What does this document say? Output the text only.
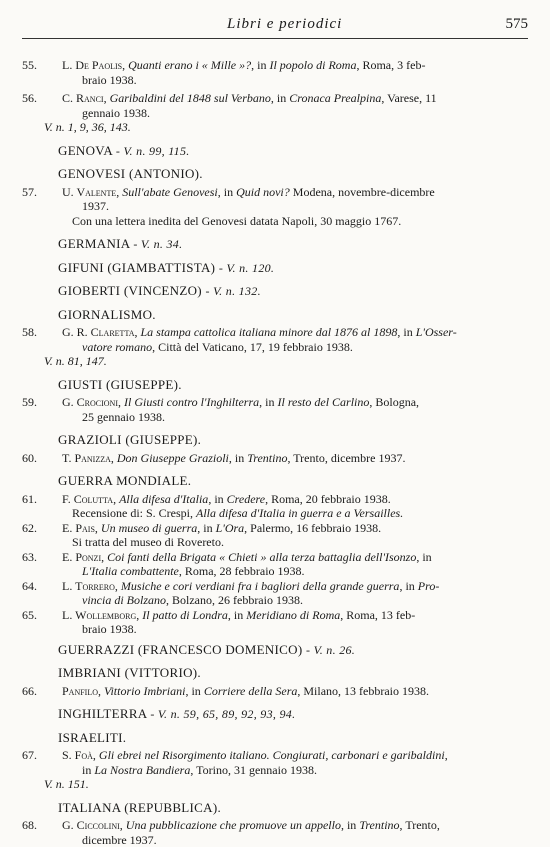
Libri e periodici	575
55.	L. De Paolis, Quanti erano i « Mille »?, in Il popolo di Roma, Roma, 3 feb-
braio 1938.
56.	C. Ranci, Garibaldini del 1848 sul Verbano, in Cronaca Prealpina, Varese, 11
gennaio 1938.
V. n. 1, 9, 36, 143.
GENOVA - V. n. 99, 115.
GENOVESI (ANTONIO).
57.	U. Valente, Sull'abate Genovesi, in Quid novi? Modena, novembre-dicembre
1937.
Con una lettera inedita del Genovesi datata Napoli, 30 maggio 1767.
GERMANIA - V. n. 34.
GIFUNI (GIAMBATTISTA) - V. n. 120.
GIOBERTI (VINCENZO) - V. n. 132.
GIORNALISMO.
58.	G. R. Claretta, La stampa cattolica italiana minore dal 1876 al 1898, in L'Osser-
vatore romano, Città del Vaticano, 17, 19 febbraio 1938.
V. n. 81, 147.
GIUSTI (GIUSEPPE).
59.	G. Crocioni, Il Giusti contro l'Inghilterra, in Il resto del Carlino, Bologna,
25 gennaio 1938.
GRAZIOLI (GIUSEPPE).
60.	T. Panizza, Don Giuseppe Grazioli, in Trentino, Trento, dicembre 1937.
GUERRA MONDIALE.
61.	F. Colutta, Alla difesa d'Italia, in Credere, Roma, 20 febbraio 1938.
Recensione di: S. Crespi, Alla difesa d'Italia in guerra e a Versailles.
62.	E. Pais, Un museo di guerra, in L'Ora, Palermo, 16 febbraio 1938.
Si tratta del museo di Rovereto.
63.	E. Ponzi, Coi fanti della Brigata « Chieti » alla terza battaglia dell'Isonzo, in
L'Italia combattente, Roma, 28 febbraio 1938.
64.	L. Torrero, Musiche e cori verdiani fra i bagliori della grande guerra, in Pro-
vincia di Bolzano, Bolzano, 26 febbraio 1938.
65.	L. Wollemborg, Il patto di Londra, in Meridiano di Roma, Roma, 13 feb-
braio 1938.
GUERRAZZI (FRANCESCO DOMENICO) - V. n. 26.
IMBRIANI (VITTORIO).
66.	Panfilo, Vittorio Imbriani, in Corriere della Sera, Milano, 13 febbraio 1938.
INGHILTERRA - V. n. 59, 65, 89, 92, 93, 94.
ISRAELITI.
67.	S. Foà, Gli ebrei nel Risorgimento italiano. Congiurati, carbonari e garibaldini,
in La Nostra Bandiera, Torino, 31 gennaio 1938.
V. n. 151.
ITALIANA (REPUBBLICA).
68.	G. Ciccolini, Una pubblicazione che promuove un appello, in Trentino, Trento,
dicembre 1937.
